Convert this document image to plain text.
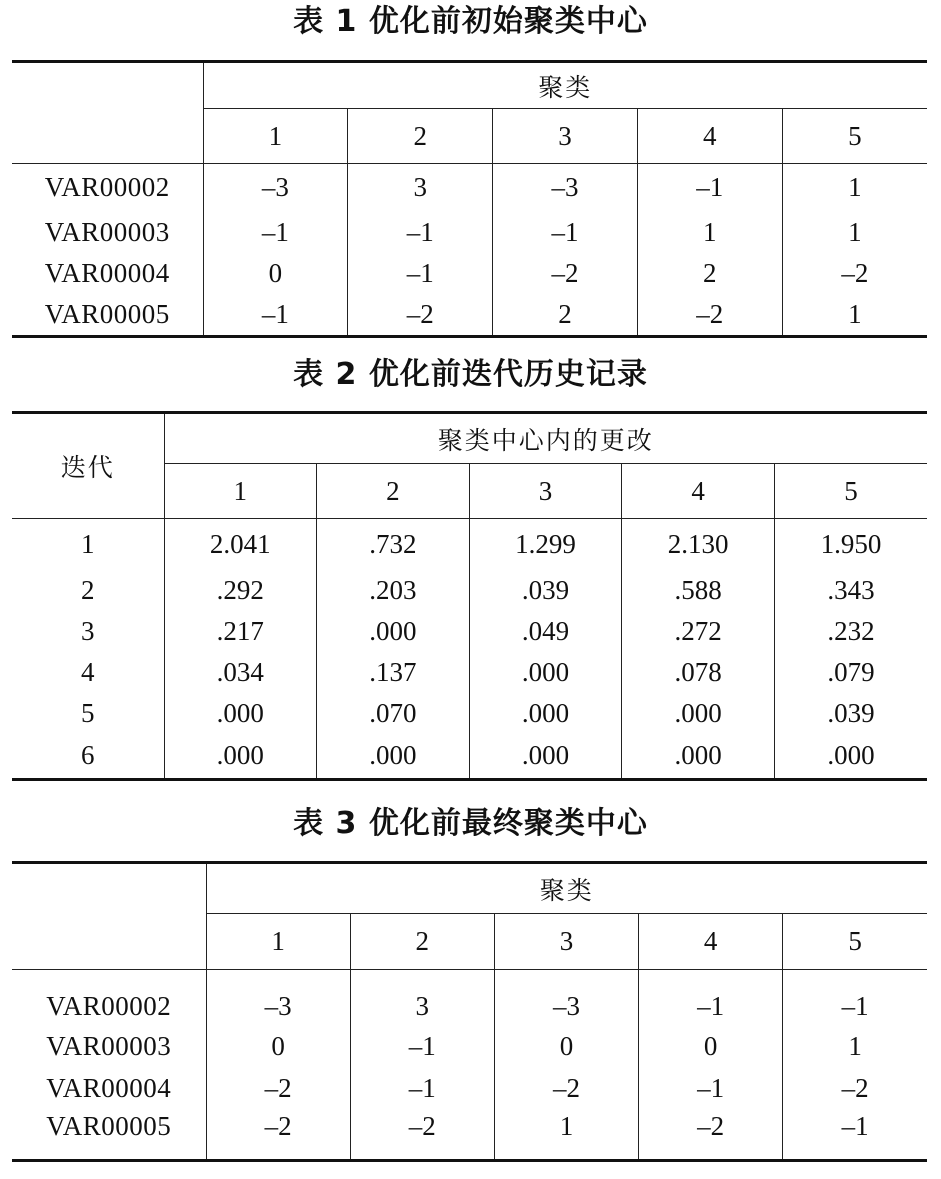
表 1 优化前初始聚类中心
	聚类				
	1	2	3	4	5
VAR00002	–3	3	–3	–1	1
VAR00003	–1	–1	–1	1	1
VAR00004	0	–1	–2	2	–2
VAR00005	–1	–2	2	–2	1
表 2 优化前迭代历史记录
迭代	聚类中心内的更改				
	1	2	3	4	5
1	2.041	.732	1.299	2.130	1.950
2	.292	.203	.039	.588	.343
3	.217	.000	.049	.272	.232
4	.034	.137	.000	.078	.079
5	.000	.070	.000	.000	.039
6	.000	.000	.000	.000	.000
表 3 优化前最终聚类中心
	聚类				
	1	2	3	4	5
VAR00002	–3	3	–3	–1	–1
VAR00003	0	–1	0	0	1
VAR00004	–2	–1	–2	–1	–2
VAR00005	–2	–2	1	–2	–1
